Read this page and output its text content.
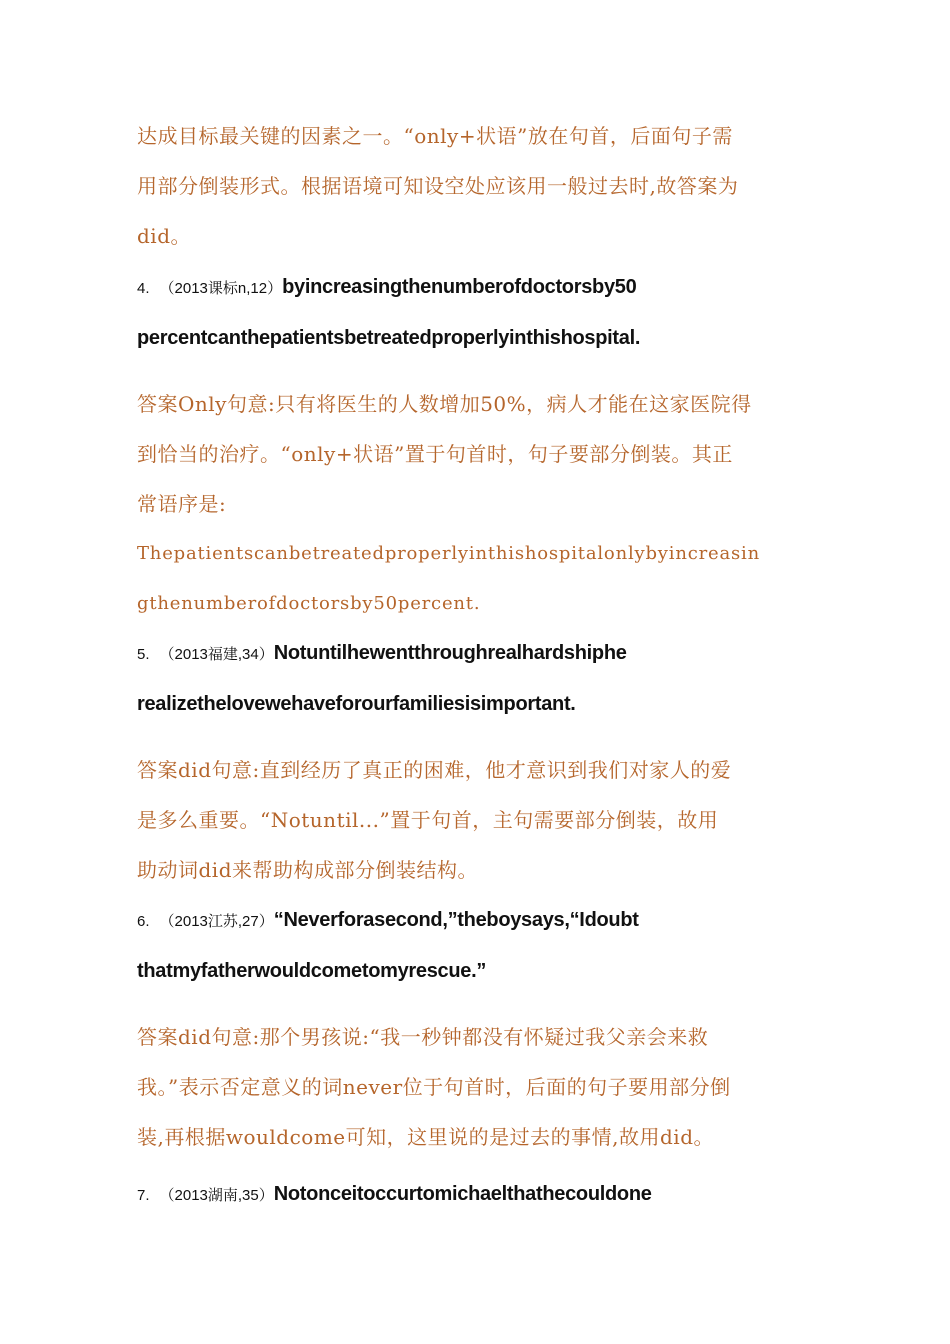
达成目标最关键的因素之一。“only+状语”放在句首，后面句子需
用部分倒装形式。根据语境可知设空处应该用一般过去时,故答案为
did。
4. （2013课标n,12）byincreasingthenumberofdoctorsby50
percentcanthepatientsbetreatedproperlyinthishospital.
答案Only句意:只有将医生的人数增加50%，病人才能在这家医院得
到恰当的治疗。“only+状语”置于句首时，句子要部分倒装。其正
常语序是:
Thepatientscanbetreatedproperlyinthishospitalonlybyincreasin
gthenumberofdoctorsby50percent.
5. （2013福建,34）Notuntilhewentthroughrealhardshiphe
realizethelovewehaveforourfamiliesisimportant.
答案did句意:直到经历了真正的困难，他才意识到我们对家人的爱
是多么重要。“Notuntil...”置于句首，主句需要部分倒装，故用
助动词did来帮助构成部分倒装结构。
6. （2013江苏,27）“Neverforasecond,”theboysays,“Idoubt
thatmyfatherwouldcometomyrescue.”
答案did句意:那个男孩说:“我一秒钟都没有怀疑过我父亲会来救
我。”表示否定意义的词never位于句首时，后面的句子要用部分倒
装,再根据wouldcome可知，这里说的是过去的事情,故用did。
7. （2013湖南,35）Notonceitoccurtomichaelthathecouldone
